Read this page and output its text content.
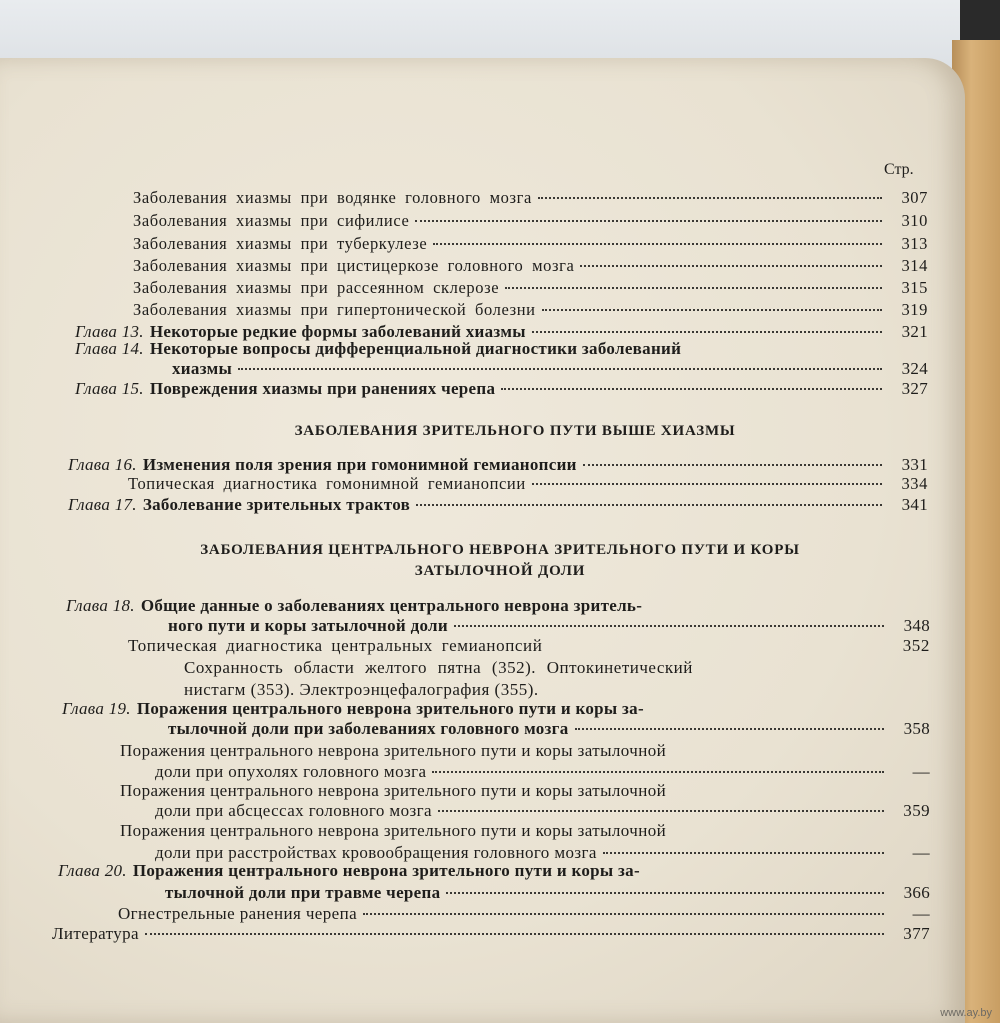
Стр.
Заболевания хиазмы при водянке головного мозга	307
Заболевания хиазмы при сифилисе	310
Заболевания хиазмы при туберкулезе	313
Заболевания хиазмы при цистицеркозе головного мозга	314
Заболевания хиазмы при рассеянном склерозе	315
Заболевания хиазмы при гипертонической болезни	319
Глава 13. Некоторые редкие формы заболеваний хиазмы	321
Глава 14. Некоторые вопросы дифференциальной диагностики заболеваний
хиазмы	324
Глава 15. Повреждения хиазмы при ранениях черепа	327
ЗАБОЛЕВАНИЯ ЗРИТЕЛЬНОГО ПУТИ ВЫШЕ ХИАЗМЫ
Глава 16. Изменения поля зрения при гомонимной гемианопсии	331
Топическая диагностика гомонимной гемианопсии	334
Глава 17. Заболевание зрительных трактов	341
ЗАБОЛЕВАНИЯ ЦЕНТРАЛЬНОГО НЕВРОНА ЗРИТЕЛЬНОГО ПУТИ И КОРЫ
ЗАТЫЛОЧНОЙ ДОЛИ
Глава 18. Общие данные о заболеваниях центрального неврона зритель-
ного пути и коры затылочной доли	348
Топическая диагностика центральных гемианопсий	352
Сохранность области желтого пятна (352). Оптокинетический
нистагм (353). Электроэнцефалография (355).
Глава 19. Поражения центрального неврона зрительного пути и коры за-
тылочной доли при заболеваниях головного мозга	358
Поражения центрального неврона зрительного пути и коры затылочной
доли при опухолях головного мозга	—
Поражения центрального неврона зрительного пути и коры затылочной
доли при абсцессах головного мозга	359
Поражения центрального неврона зрительного пути и коры затылочной
доли при расстройствах кровообращения головного мозга	—
Глава 20. Поражения центрального неврона зрительного пути и коры за-
тылочной доли при травме черепа	366
Огнестрельные ранения черепа	—
Литература	377
www.ay.by
